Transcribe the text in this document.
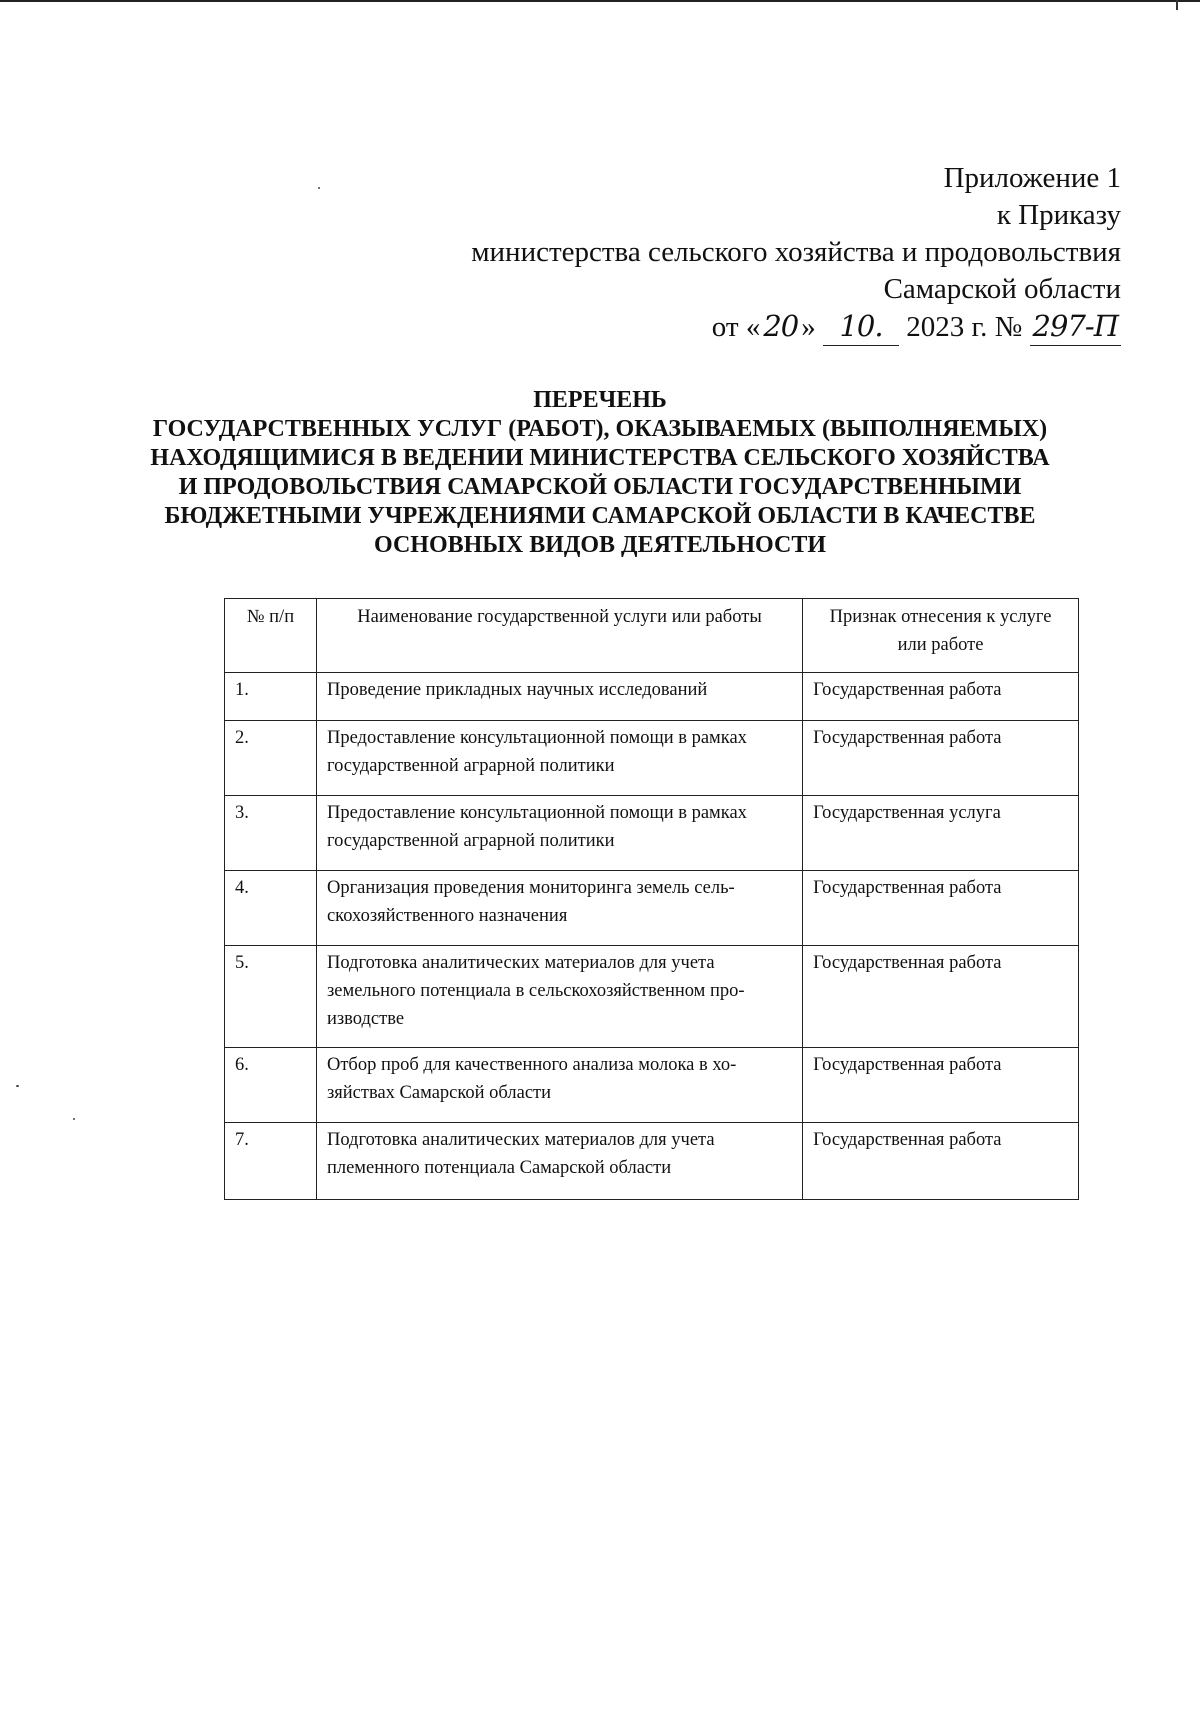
Приложение 1
к Приказу
министерства сельского хозяйства и продовольствия
Самарской области
от « 20 » 10. 2023 г. № 297-П
ПЕРЕЧЕНЬ
ГОСУДАРСТВЕННЫХ УСЛУГ (РАБОТ), ОКАЗЫВАЕМЫХ (ВЫПОЛНЯЕМЫХ)
НАХОДЯЩИМИСЯ В ВЕДЕНИИ МИНИСТЕРСТВА СЕЛЬСКОГО ХОЗЯЙСТВА
И ПРОДОВОЛЬСТВИЯ САМАРСКОЙ ОБЛАСТИ ГОСУДАРСТВЕННЫМИ
БЮДЖЕТНЫМИ УЧРЕЖДЕНИЯМИ САМАРСКОЙ ОБЛАСТИ В КАЧЕСТВЕ
ОСНОВНЫХ ВИДОВ ДЕЯТЕЛЬНОСТИ
№ п/п	Наименование государственной услуги или работы	Признак отнесения к услуге
или работе

1.	Проведение прикладных научных исследований	Государственная работа
2.	Предоставление консультационной помощи в рамках
государственной аграрной политики	Государственная работа
3.	Предоставление консультационной помощи в рамках
государственной аграрной политики	Государственная услуга
4.	Организация проведения мониторинга земель сель-
скохозяйственного назначения	Государственная работа
5.	Подготовка аналитических материалов для учета
земельного потенциала в сельскохозяйственном про-
изводстве	Государственная работа
6.	Отбор проб для качественного анализа молока в хо-
зяйствах Самарской области	Государственная работа
7.	Подготовка аналитических материалов для учета
племенного потенциала Самарской области	Государственная работа
